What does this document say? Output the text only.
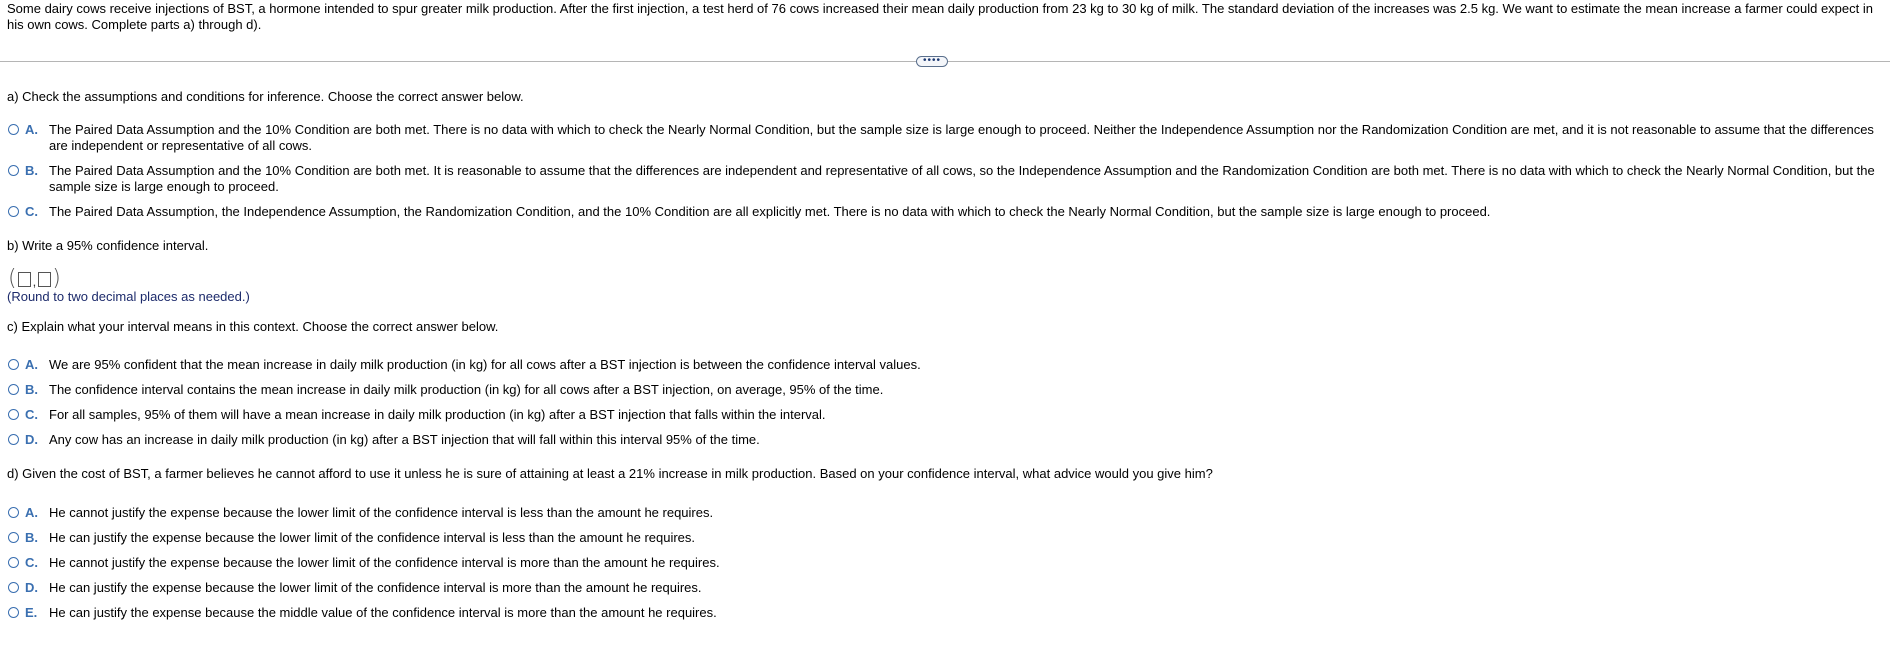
Some dairy cows receive injections of BST, a hormone intended to spur greater milk production. After the first injection, a test herd of 76 cows increased their mean daily production from 23 kg to 30 kg of milk. The standard deviation of the increases was 2.5 kg. We want to estimate the mean increase a farmer could expect in his own cows. Complete parts a) through d).
••••
a) Check the assumptions and conditions for inference. Choose the correct answer below.
A. The Paired Data Assumption and the 10% Condition are both met. There is no data with which to check the Nearly Normal Condition, but the sample size is large enough to proceed. Neither the Independence Assumption nor the Randomization Condition are met, and it is not reasonable to assume that the differences are independent or representative of all cows.
B. The Paired Data Assumption and the 10% Condition are both met. It is reasonable to assume that the differences are independent and representative of all cows, so the Independence Assumption and the Randomization Condition are both met. There is no data with which to check the Nearly Normal Condition, but the sample size is large enough to proceed.
C. The Paired Data Assumption, the Independence Assumption, the Randomization Condition, and the 10% Condition are all explicitly met. There is no data with which to check the Nearly Normal Condition, but the sample size is large enough to proceed.
b) Write a 95% confidence interval.
( , )
(Round to two decimal places as needed.)
c) Explain what your interval means in this context. Choose the correct answer below.
A. We are 95% confident that the mean increase in daily milk production (in kg) for all cows after a BST injection is between the confidence interval values.
B. The confidence interval contains the mean increase in daily milk production (in kg) for all cows after a BST injection, on average, 95% of the time.
C. For all samples, 95% of them will have a mean increase in daily milk production (in kg) after a BST injection that falls within the interval.
D. Any cow has an increase in daily milk production (in kg) after a BST injection that will fall within this interval 95% of the time.
d) Given the cost of BST, a farmer believes he cannot afford to use it unless he is sure of attaining at least a 21% increase in milk production. Based on your confidence interval, what advice would you give him?
A. He cannot justify the expense because the lower limit of the confidence interval is less than the amount he requires.
B. He can justify the expense because the lower limit of the confidence interval is less than the amount he requires.
C. He cannot justify the expense because the lower limit of the confidence interval is more than the amount he requires.
D. He can justify the expense because the lower limit of the confidence interval is more than the amount he requires.
E. He can justify the expense because the middle value of the confidence interval is more than the amount he requires.
